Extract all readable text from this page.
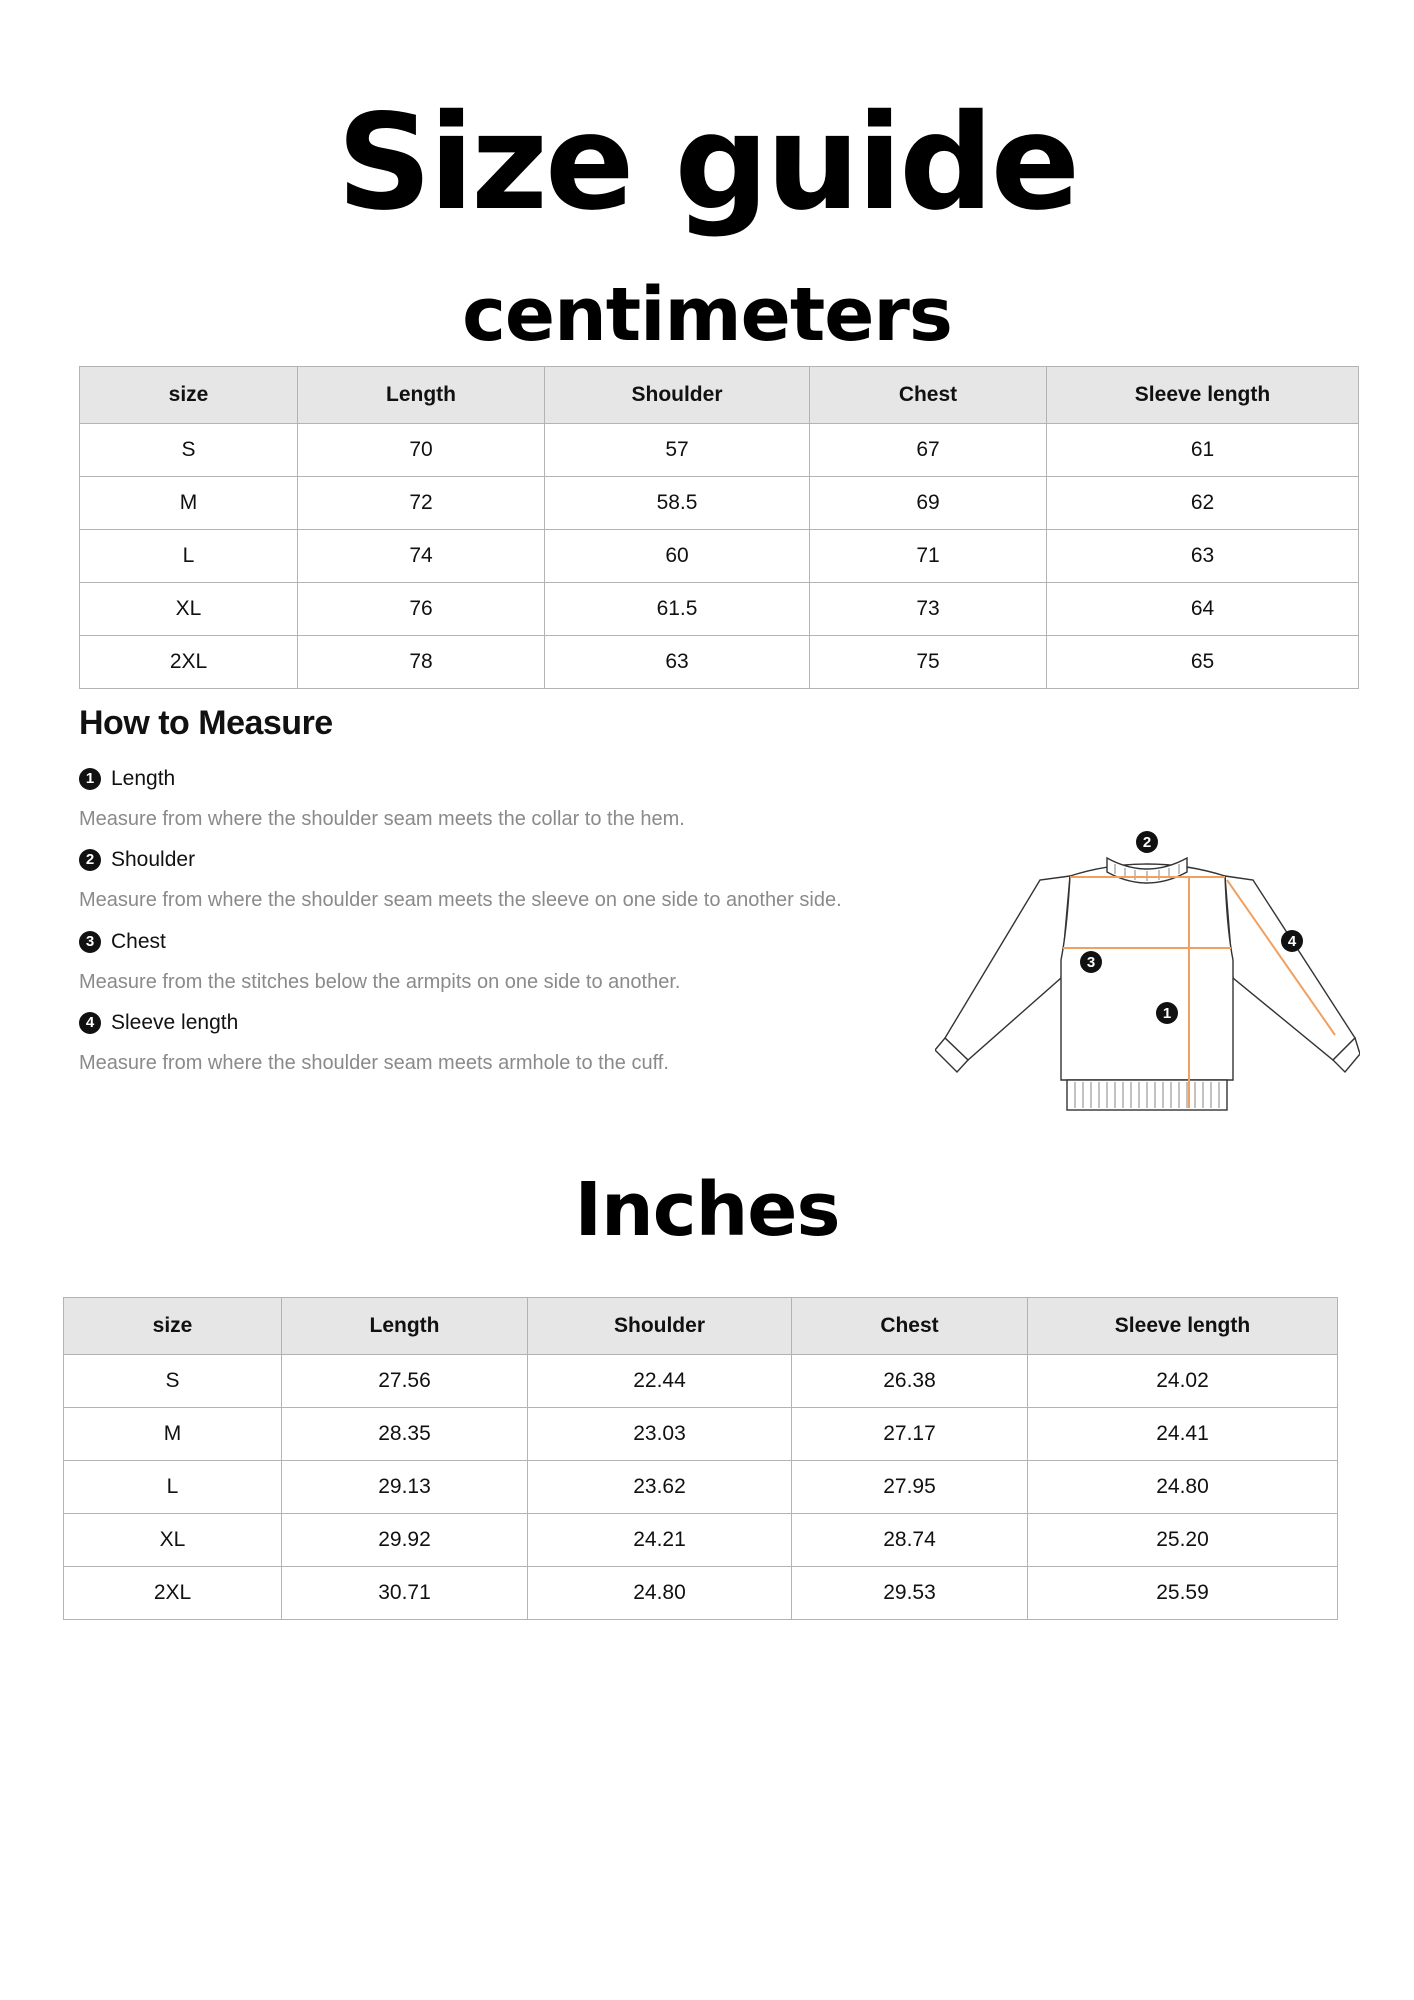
Size guide
centimeters
size	Length	Shoulder	Chest	Sleeve length
S	70	57	67	61
M	72	58.5	69	62
L	74	60	71	63
XL	76	61.5	73	64
2XL	78	63	75	65
How to Measure
1 Length
Measure from where the shoulder seam meets the collar to the hem.
2 Shoulder
Measure from where the shoulder seam meets the sleeve on one side to another side.
3 Chest
Measure from the stitches below the armpits on one side to another.
4 Sleeve length
Measure from where the shoulder seam meets armhole to the cuff.
2
1
3
4
Inches
size	Length	Shoulder	Chest	Sleeve length
S	27.56	22.44	26.38	24.02
M	28.35	23.03	27.17	24.41
L	29.13	23.62	27.95	24.80
XL	29.92	24.21	28.74	25.20
2XL	30.71	24.80	29.53	25.59
